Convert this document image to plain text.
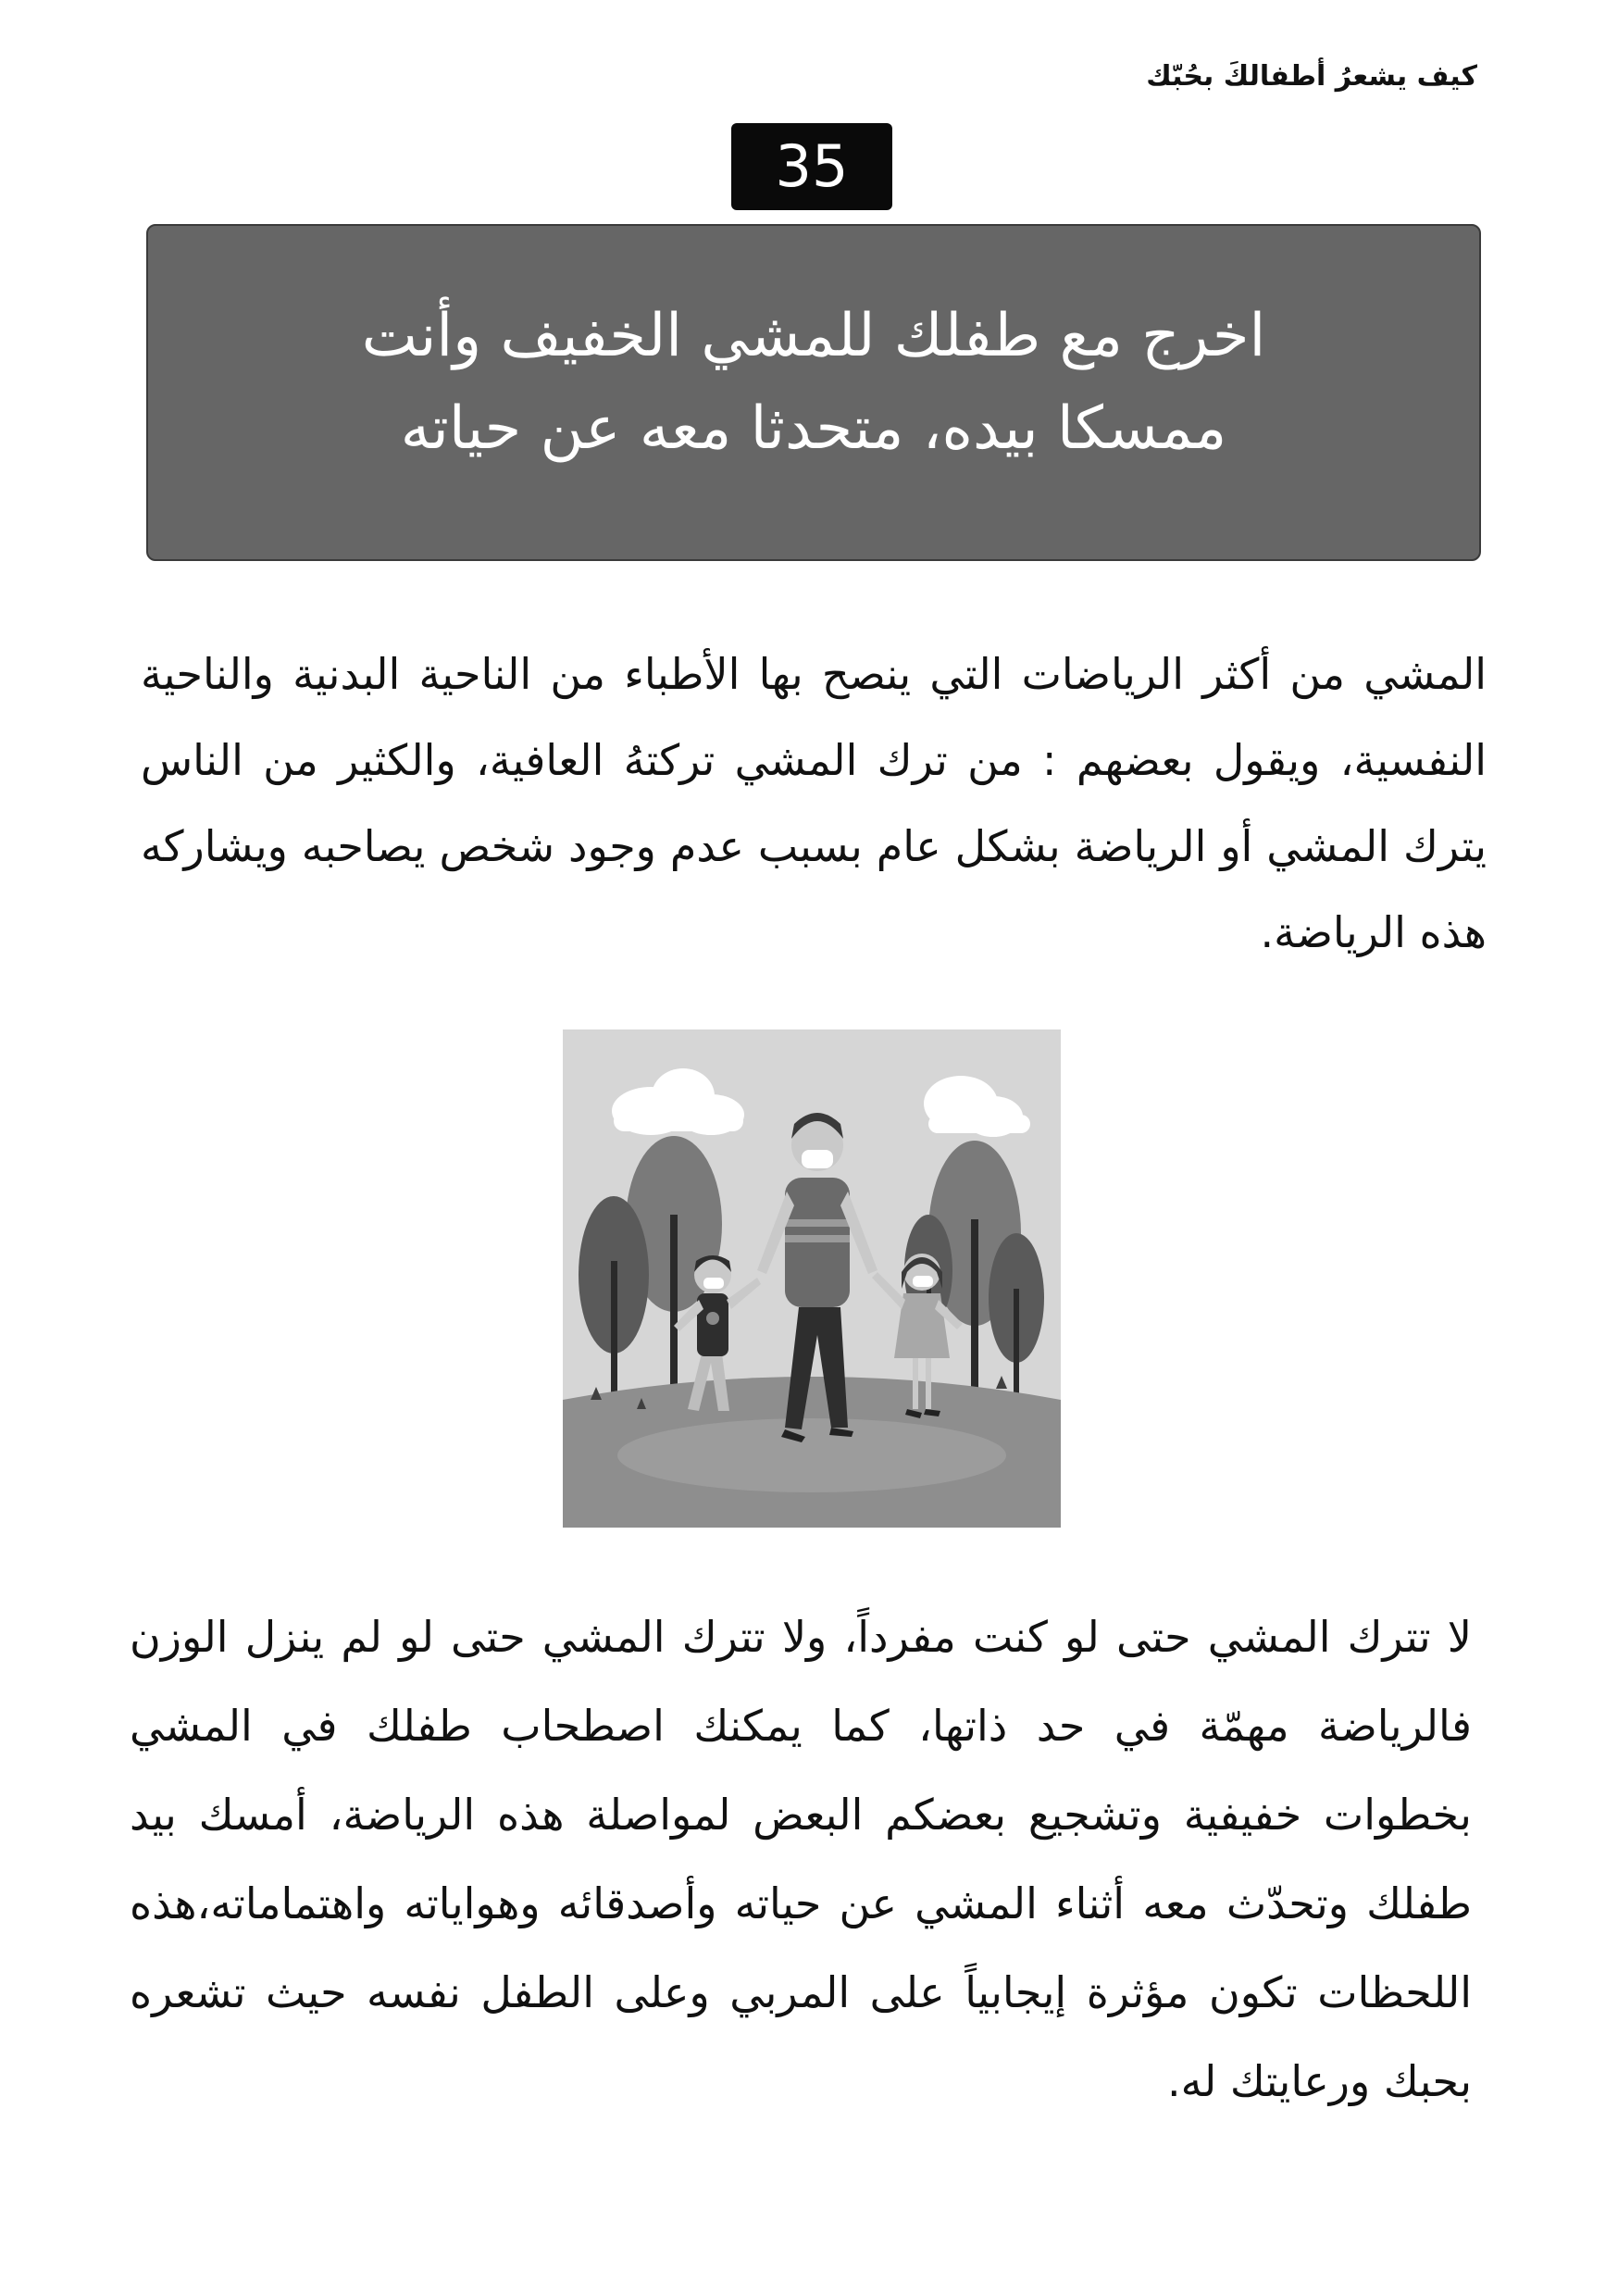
كيف يشعرُ أطفالكَ بحُبّك
35
اخرج مع طفلك للمشي الخفيف وأنت
ممسكا بيده، متحدثا معه عن حياته
المشي من أكثر الرياضات التي ينصح بها الأطباء من الناحية البدنية والناحية النفسية، ويقول بعضهم : من ترك المشي تركتهُ العافية، والكثير من الناس يترك المشي أو الرياضة بشكل عام بسبب عدم وجود شخص يصاحبه ويشاركه هذه الرياضة.
لا تترك المشي حتى لو كنت مفرداً، ولا تترك المشي حتى لو لم ينزل الوزن فالرياضة مهمّة في حد ذاتها، كما يمكنك اصطحاب طفلك في المشي بخطوات خفيفية وتشجيع بعضكم البعض لمواصلة هذه الرياضة، أمسك بيد طفلك وتحدّث معه أثناء المشي عن حياته وأصدقائه وهواياته واهتماماته،هذه اللحظات تكون مؤثرة إيجابياً على المربي وعلى الطفل نفسه حيث تشعره بحبك ورعايتك له.
